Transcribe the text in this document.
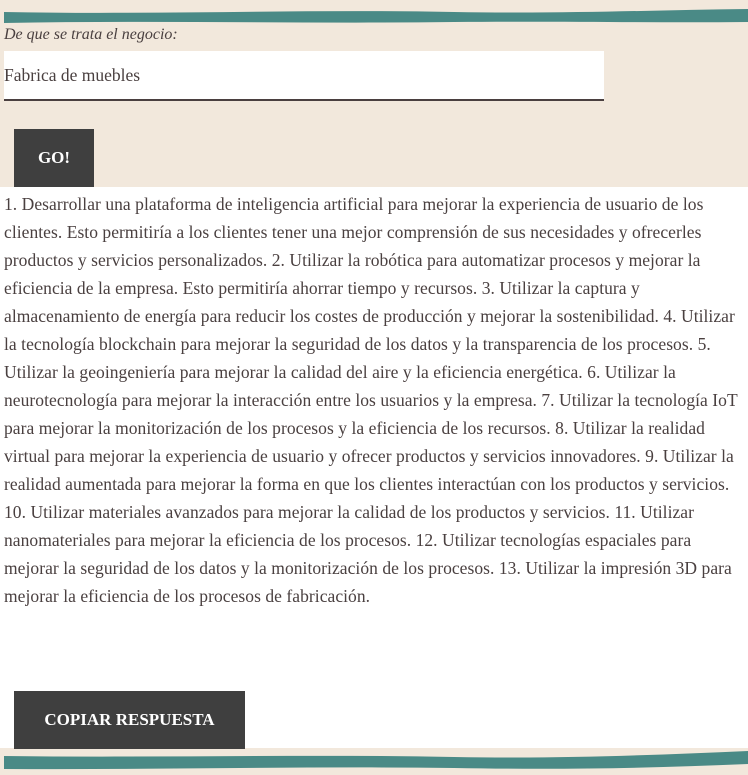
De que se trata el negocio:
Fabrica de muebles
GO!

1. Desarrollar una plataforma de inteligencia artificial para mejorar la experiencia de usuario de los clientes. Esto permitiría a los clientes tener una mejor comprensión de sus necesidades y ofrecerles productos y servicios personalizados. 2. Utilizar la robótica para automatizar procesos y mejorar la eficiencia de la empresa. Esto permitiría ahorrar tiempo y recursos. 3. Utilizar la captura y almacenamiento de energía para reducir los costes de producción y mejorar la sostenibilidad. 4. Utilizar la tecnología blockchain para mejorar la seguridad de los datos y la transparencia de los procesos. 5. Utilizar la geoingeniería para mejorar la calidad del aire y la eficiencia energética. 6. Utilizar la neurotecnología para mejorar la interacción entre los usuarios y la empresa. 7. Utilizar la tecnología IoT para mejorar la monitorización de los procesos y la eficiencia de los recursos. 8. Utilizar la realidad virtual para mejorar la experiencia de usuario y ofrecer productos y servicios innovadores. 9. Utilizar la realidad aumentada para mejorar la forma en que los clientes interactúan con los productos y servicios. 10. Utilizar materiales avanzados para mejorar la calidad de los productos y servicios. 11. Utilizar nanomateriales para mejorar la eficiencia de los procesos. 12. Utilizar tecnologías espaciales para mejorar la seguridad de los datos y la monitorización de los procesos. 13. Utilizar la impresión 3D para mejorar la eficiencia de los procesos de fabricación.

COPIAR RESPUESTA
